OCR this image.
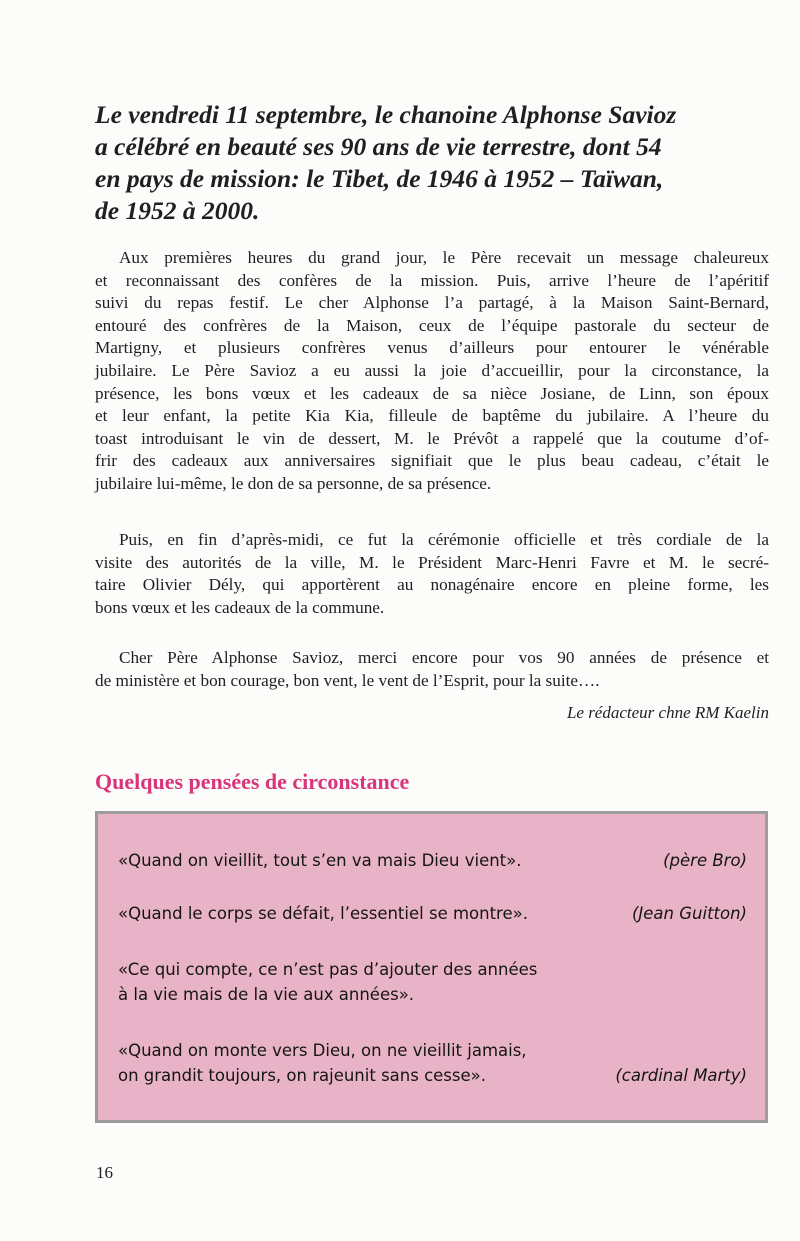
Le vendredi 11 septembre, le chanoine Alphonse Savioz
a célébré en beauté ses 90 ans de vie terrestre, dont 54
en pays de mission: le Tibet, de 1946 à 1952 – Taïwan,
de 1952 à 2000.

Aux premières heures du grand jour, le Père recevait un message chaleureux
et reconnaissant des confères de la mission. Puis, arrive l’heure de l’apéritif
suivi du repas festif. Le cher Alphonse l’a partagé, à la Maison Saint-Bernard,
entouré des confrères de la Maison, ceux de l’équipe pastorale du secteur de
Martigny, et plusieurs confrères venus d’ailleurs pour entourer le vénérable
jubilaire. Le Père Savioz a eu aussi la joie d’accueillir, pour la circonstance, la
présence, les bons vœux et les cadeaux de sa nièce Josiane, de Linn, son époux
et leur enfant, la petite Kia Kia, filleule de baptême du jubilaire. A l’heure du
toast introduisant le vin de dessert, M. le Prévôt a rappelé que la coutume d’of-
frir des cadeaux aux anniversaires signifiait que le plus beau cadeau, c’était le
jubilaire lui-même, le don de sa personne, de sa présence.

Puis, en fin d’après-midi, ce fut la cérémonie officielle et très cordiale de la
visite des autorités de la ville, M. le Président Marc-Henri Favre et M. le secré-
taire Olivier Dély, qui apportèrent au nonagénaire encore en pleine forme, les
bons vœux et les cadeaux de la commune.

Cher Père Alphonse Savioz, merci encore pour vos 90 années de présence et
de ministère et bon courage, bon vent, le vent de l’Esprit, pour la suite….

Le rédacteur chne RM Kaelin

Quelques pensées de circonstance
«Quand on vieillit, tout s’en va mais Dieu vient».	(père Bro)
«Quand le corps se défait, l’essentiel se montre».	(Jean Guitton)
«Ce qui compte, ce n’est pas d’ajouter des années
à la vie mais de la vie aux années».
«Quand on monte vers Dieu, on ne vieillit jamais,
on grandit toujours, on rajeunit sans cesse».	(cardinal Marty)

16
